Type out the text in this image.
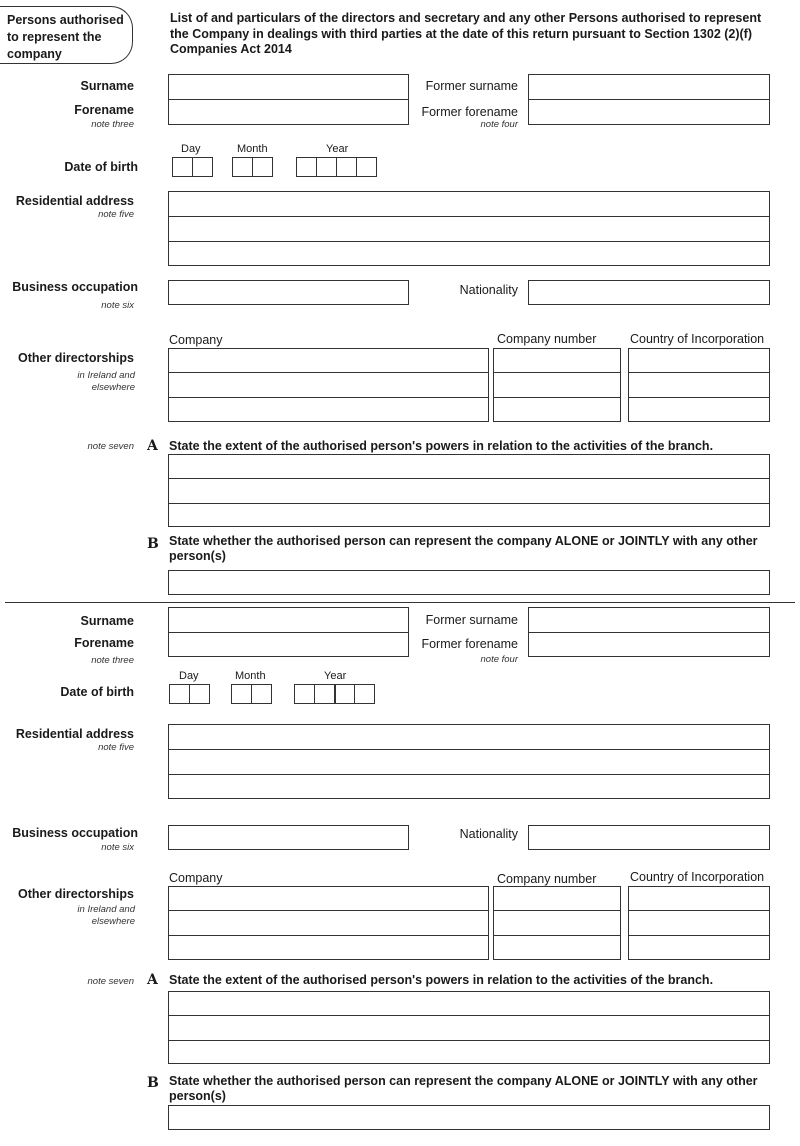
Persons authorised to represent the company
List of and particulars of the directors and secretary and any other Persons authorised to represent the Company in dealings with third parties at the date of this return pursuant to Section 1302 (2)(f) Companies Act 2014
Surname
Forename
note three
Former surname
Former forename
note four
Day	Month	Year
Date of birth
Residential address
note five
Business occupation
note six
Nationality
Company	Company number	Country of Incorporation
Other directorships
in Ireland and elsewhere
note seven A State the extent of the authorised person's powers in relation to the activities of the branch.
B State whether the authorised person can represent the company ALONE or JOINTLY with any other person(s)
Surname
Forename
note three
Former surname
Former forename
note four
Day	Month	Year
Date of birth
Residential address
note five
Business occupation
note six
Nationality
Company	Company number	Country of Incorporation
Other directorships
in Ireland and elsewhere
note seven A State the extent of the authorised person's powers in relation to the activities of the branch.
B State whether the authorised person can represent the company ALONE or JOINTLY with any other person(s)
